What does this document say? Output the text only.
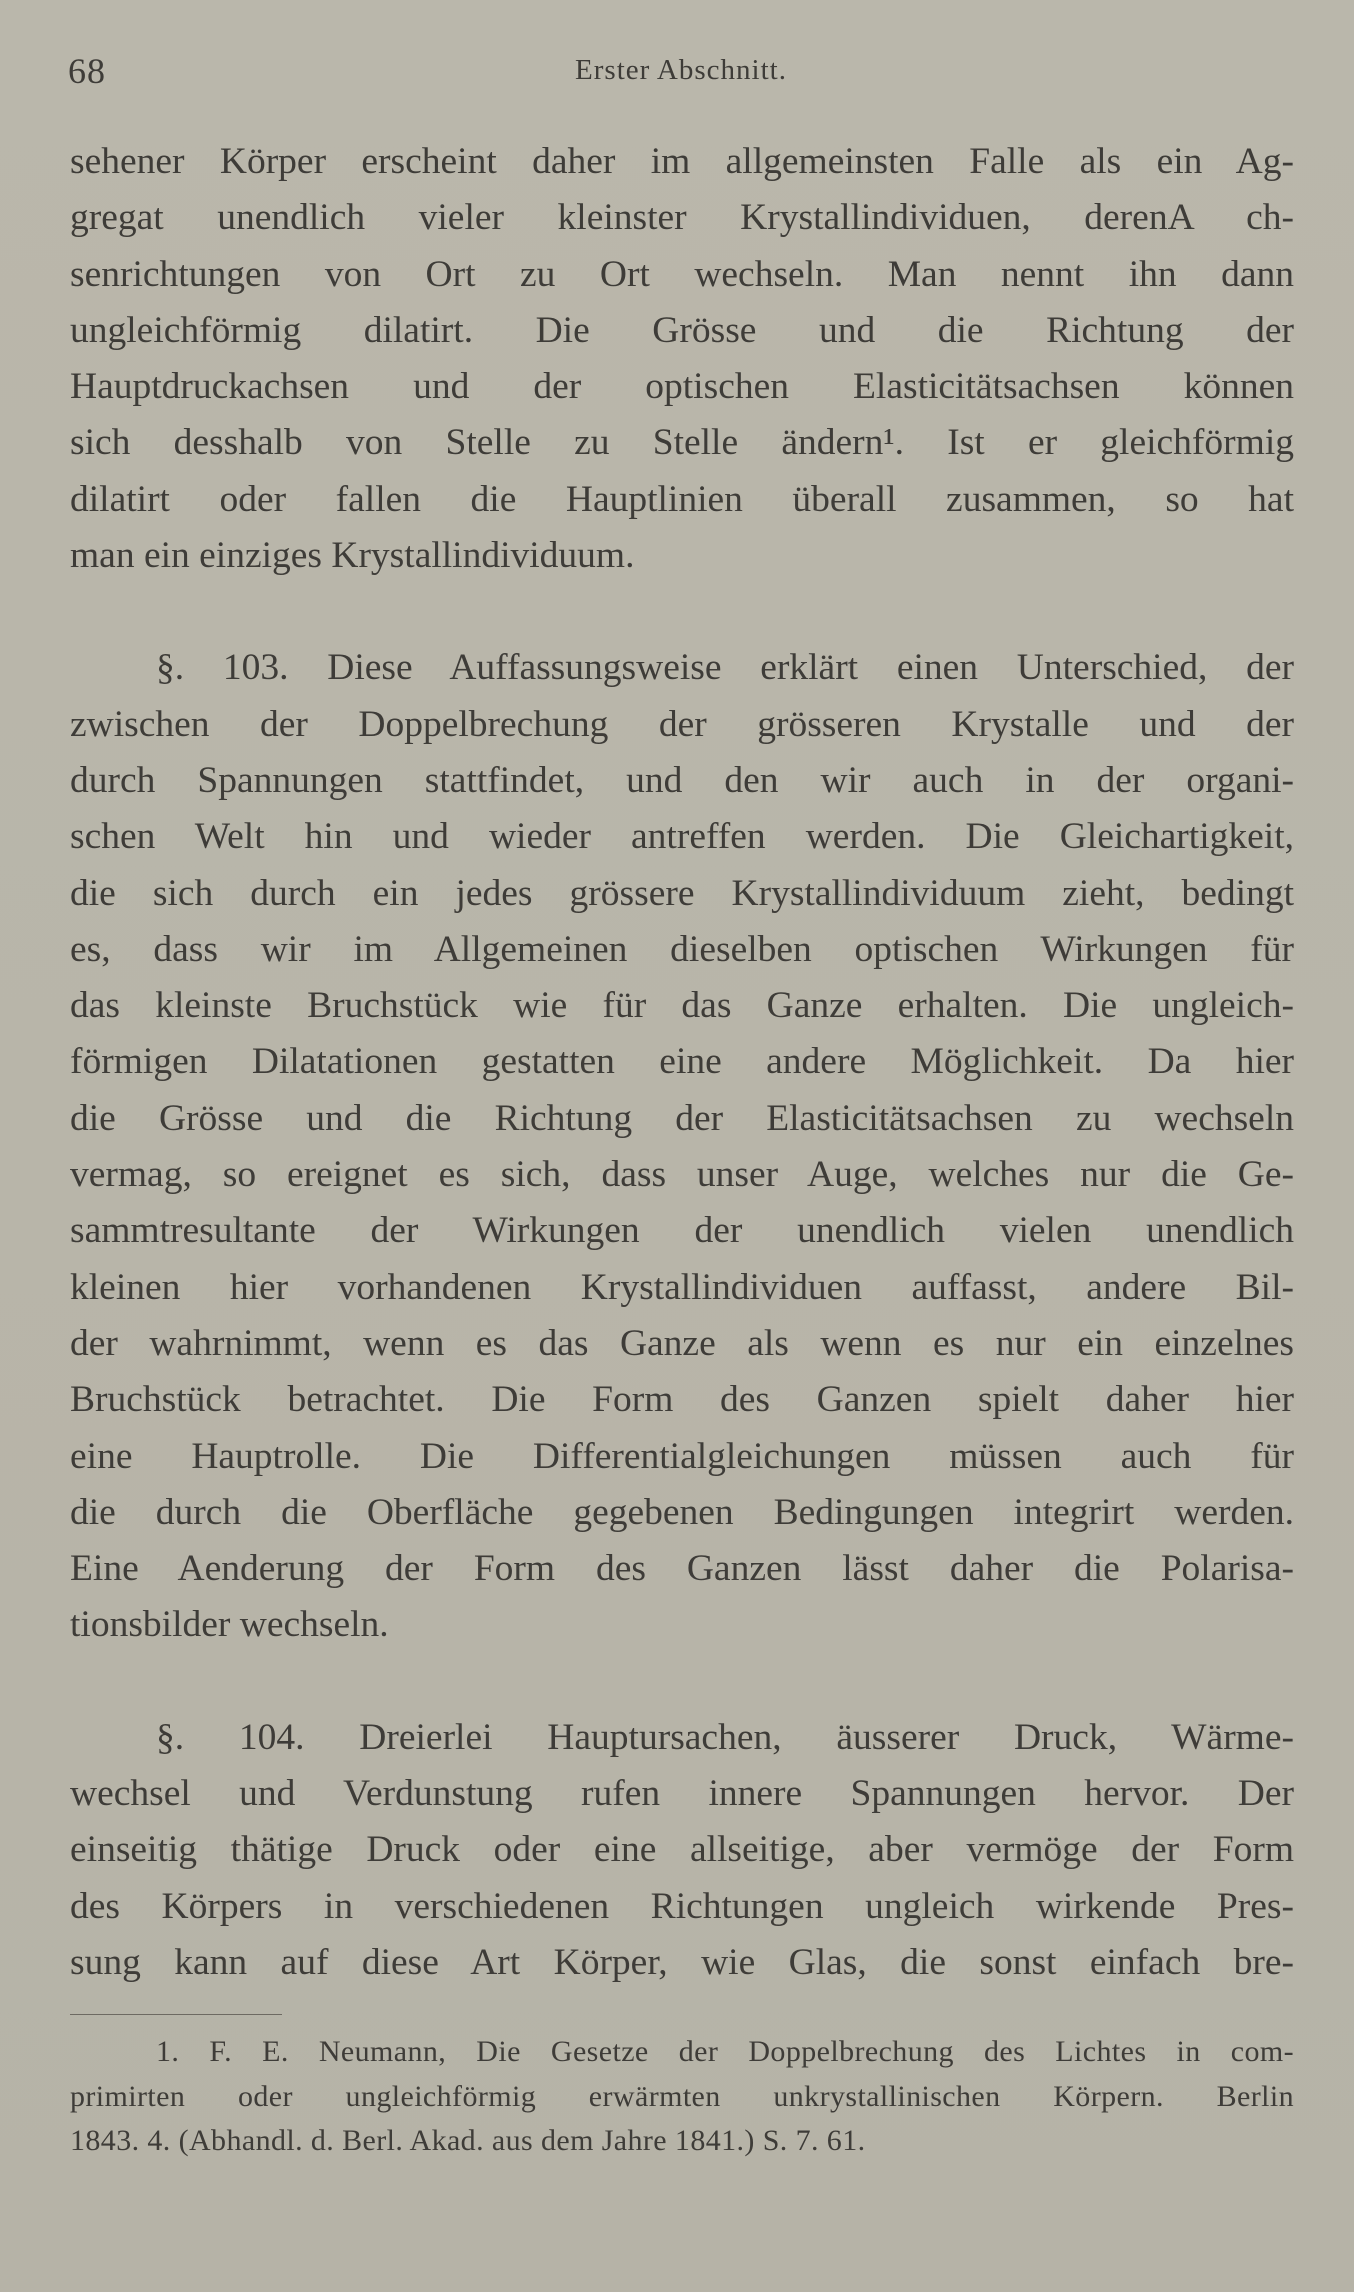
68	Erster Abschnitt.

sehener Körper erscheint daher im allgemeinsten Falle als ein Ag-
gregat unendlich vieler kleinster Krystallindividuen, derenA ch-
senrichtungen von Ort zu Ort wechseln. Man nennt ihn dann
ungleichförmig dilatirt. Die Grösse und die Richtung der
Hauptdruckachsen und der optischen Elasticitätsachsen können
sich desshalb von Stelle zu Stelle ändern¹. Ist er gleichförmig
dilatirt oder fallen die Hauptlinien überall zusammen, so hat
man ein einziges Krystallindividuum.

§. 103. Diese Auffassungsweise erklärt einen Unterschied, der
zwischen der Doppelbrechung der grösseren Krystalle und der
durch Spannungen stattfindet, und den wir auch in der organi-
schen Welt hin und wieder antreffen werden. Die Gleichartigkeit,
die sich durch ein jedes grössere Krystallindividuum zieht, bedingt
es, dass wir im Allgemeinen dieselben optischen Wirkungen für
das kleinste Bruchstück wie für das Ganze erhalten. Die ungleich-
förmigen Dilatationen gestatten eine andere Möglichkeit. Da hier
die Grösse und die Richtung der Elasticitätsachsen zu wechseln
vermag, so ereignet es sich, dass unser Auge, welches nur die Ge-
sammtresultante der Wirkungen der unendlich vielen unendlich
kleinen hier vorhandenen Krystallindividuen auffasst, andere Bil-
der wahrnimmt, wenn es das Ganze als wenn es nur ein einzelnes
Bruchstück betrachtet. Die Form des Ganzen spielt daher hier
eine Hauptrolle. Die Differentialgleichungen müssen auch für
die durch die Oberfläche gegebenen Bedingungen integrirt werden.
Eine Aenderung der Form des Ganzen lässt daher die Polarisa-
tionsbilder wechseln.

§. 104. Dreierlei Hauptursachen, äusserer Druck, Wärme-
wechsel und Verdunstung rufen innere Spannungen hervor. Der
einseitig thätige Druck oder eine allseitige, aber vermöge der Form
des Körpers in verschiedenen Richtungen ungleich wirkende Pres-
sung kann auf diese Art Körper, wie Glas, die sonst einfach bre-

1. F. E. Neumann, Die Gesetze der Doppelbrechung des Lichtes in com-
primirten oder ungleichförmig erwärmten unkrystallinischen Körpern. Berlin
1843. 4. (Abhandl. d. Berl. Akad. aus dem Jahre 1841.) S. 7. 61.
